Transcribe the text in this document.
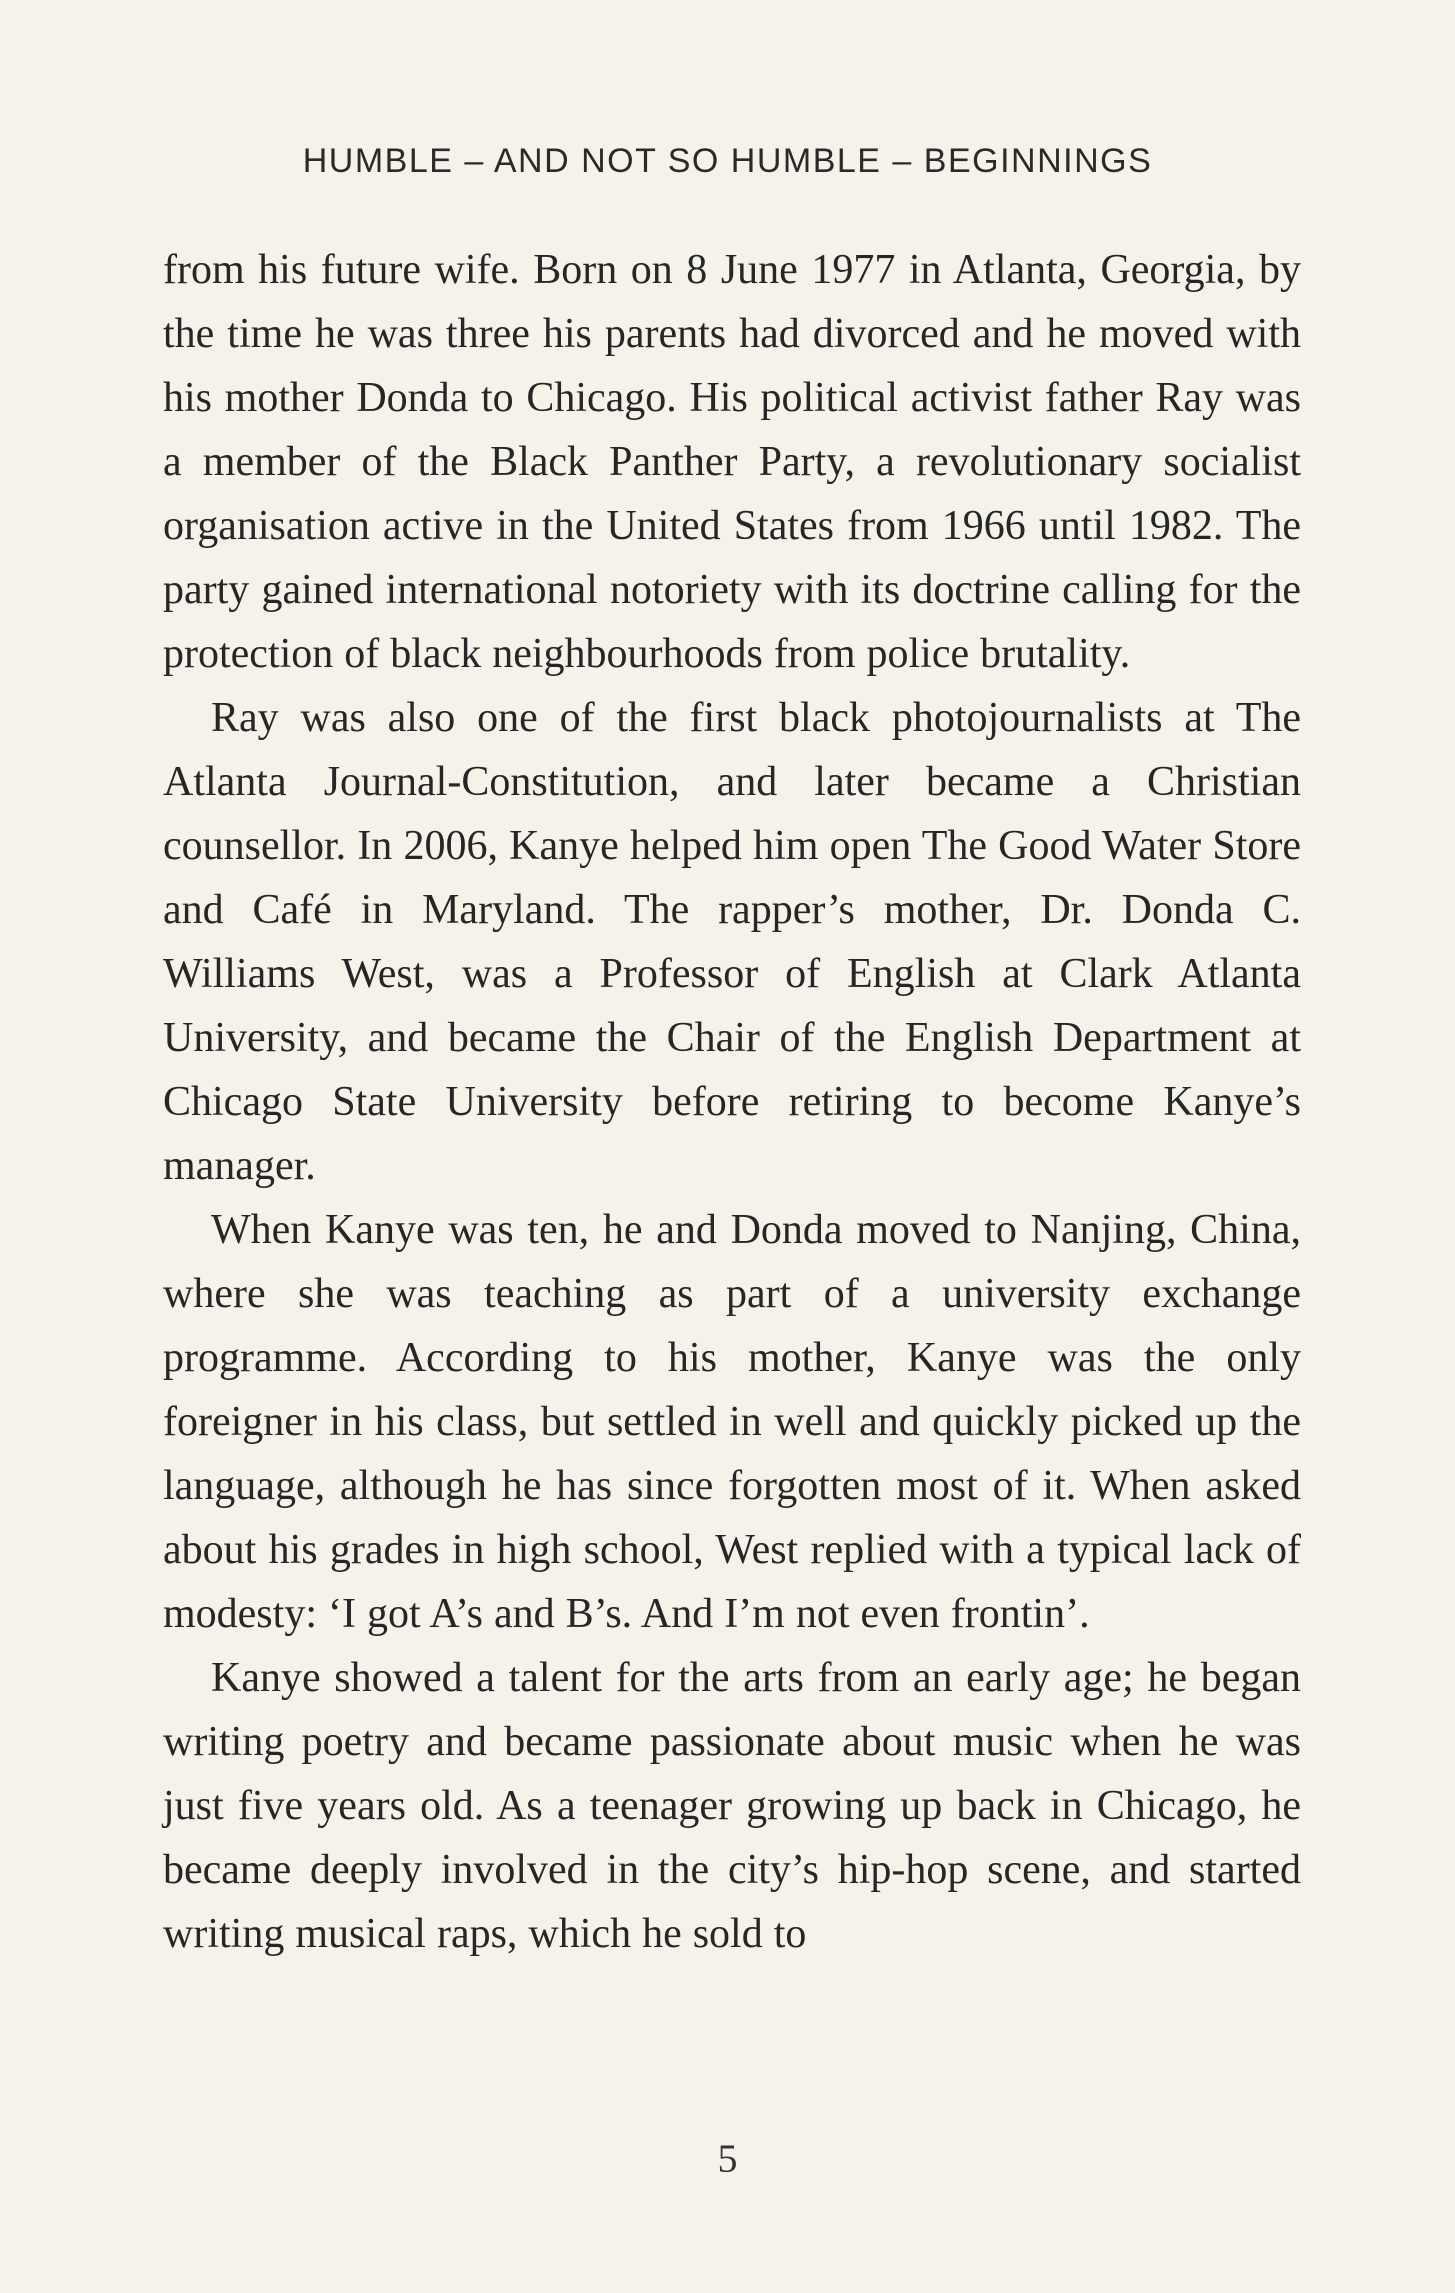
HUMBLE – AND NOT SO HUMBLE – BEGINNINGS

from his future wife. Born on 8 June 1977 in Atlanta, Georgia, by the time he was three his parents had divorced and he moved with his mother Donda to Chicago. His political activist father Ray was a member of the Black Panther Party, a revolutionary socialist organisation active in the United States from 1966 until 1982. The party gained international notoriety with its doctrine calling for the protection of black neighbourhoods from police brutality.

Ray was also one of the first black photojournalists at The Atlanta Journal-Constitution, and later became a Christian counsellor. In 2006, Kanye helped him open The Good Water Store and Café in Maryland. The rapper’s mother, Dr. Donda C. Williams West, was a Professor of English at Clark Atlanta University, and became the Chair of the English Department at Chicago State University before retiring to become Kanye’s manager.

When Kanye was ten, he and Donda moved to Nanjing, China, where she was teaching as part of a university exchange programme. According to his mother, Kanye was the only foreigner in his class, but settled in well and quickly picked up the language, although he has since forgotten most of it. When asked about his grades in high school, West replied with a typical lack of modesty: ‘I got A’s and B’s. And I’m not even frontin’.

Kanye showed a talent for the arts from an early age; he began writing poetry and became passionate about music when he was just five years old. As a teenager growing up back in Chicago, he became deeply involved in the city’s hip-hop scene, and started writing musical raps, which he sold to

5
